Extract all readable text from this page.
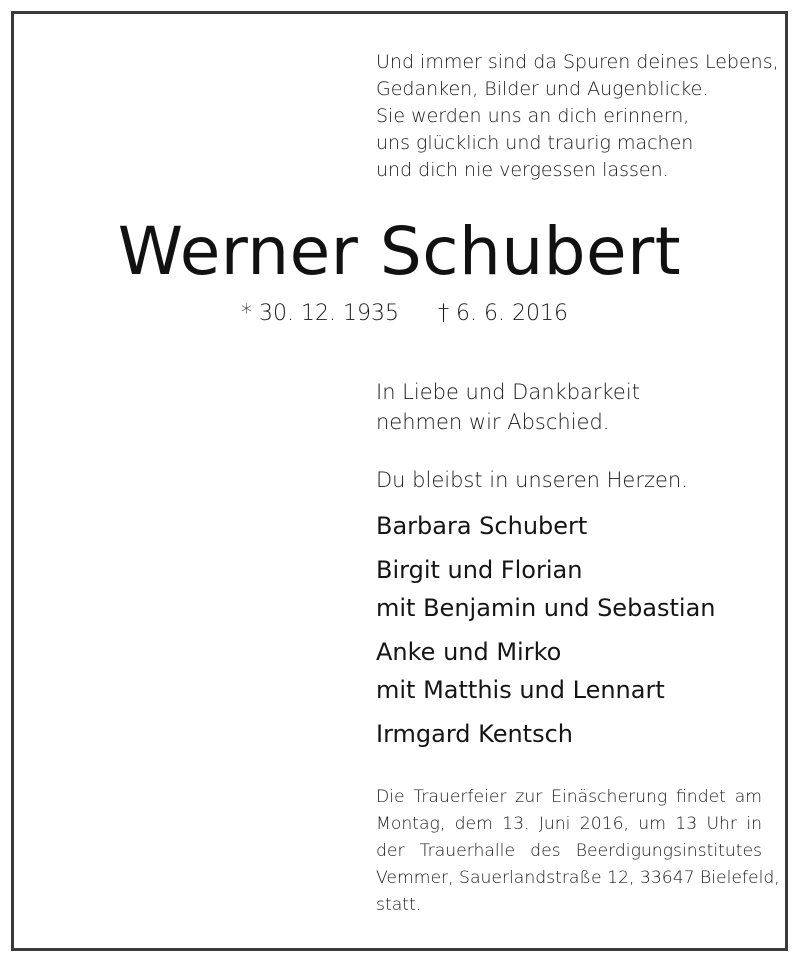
Und immer sind da Spuren deines Lebens,
Gedanken, Bilder und Augenblicke.
Sie werden uns an dich erinnern,
uns glücklich und traurig machen
und dich nie vergessen lassen.
Werner Schubert
* 30. 12. 1935 † 6. 6. 2016
In Liebe und Dankbarkeit
nehmen wir Abschied.
Du bleibst in unseren Herzen.
Barbara Schubert
Birgit und Florian
mit Benjamin und Sebastian
Anke und Mirko
mit Matthis und Lennart
Irmgard Kentsch
Die Trauerfeier zur Einäscherung findet am
Montag, dem 13. Juni 2016, um 13 Uhr in
der Trauerhalle des Beerdigungsinstitutes
Vemmer, Sauerlandstraße 12, 33647 Bielefeld,
statt.
